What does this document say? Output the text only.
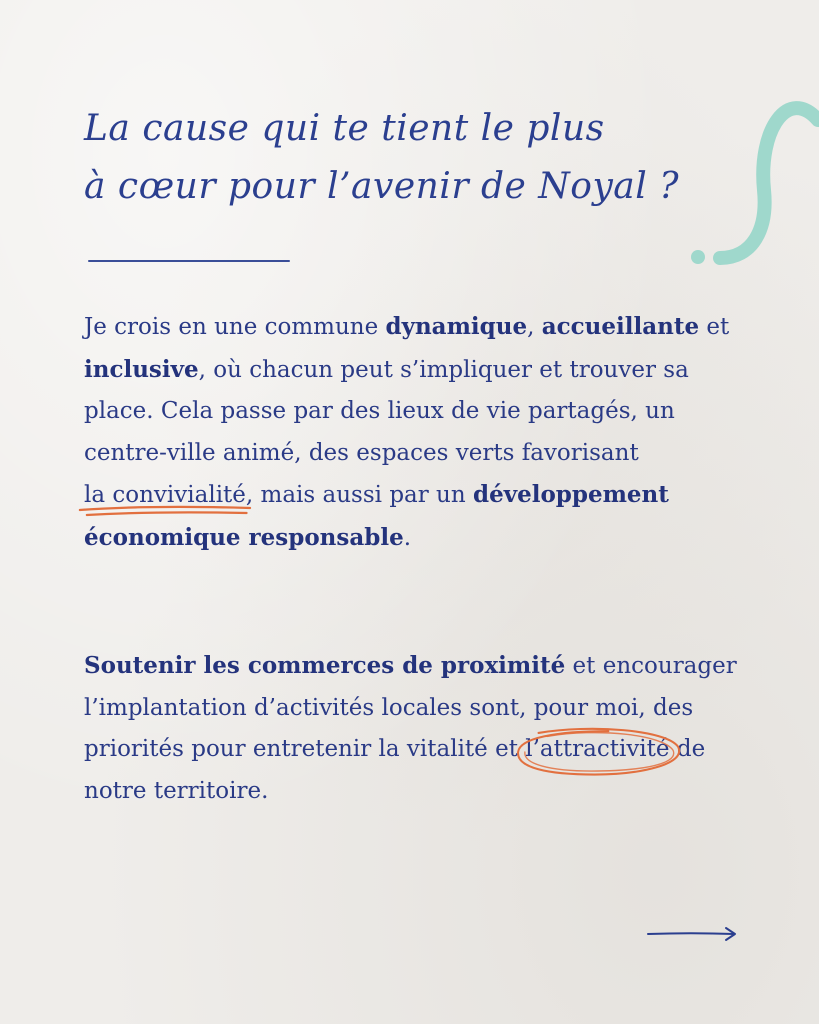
La cause qui te tient le plus
à cœur pour l’avenir de Noyal ?

Je crois en une commune dynamique, accueillante et inclusive, où chacun peut s’impliquer et trouver sa place. Cela passe par des lieux de vie partagés, un centre-ville animé, des espaces verts favorisant la convivialité
, mais aussi par un développement économique responsable.

Soutenir les commerces de proximité et encourager l’implantation d’activités locales sont, pour moi, des priorités pour entretenir la vitalité et l’attractivité
de notre territoire.
